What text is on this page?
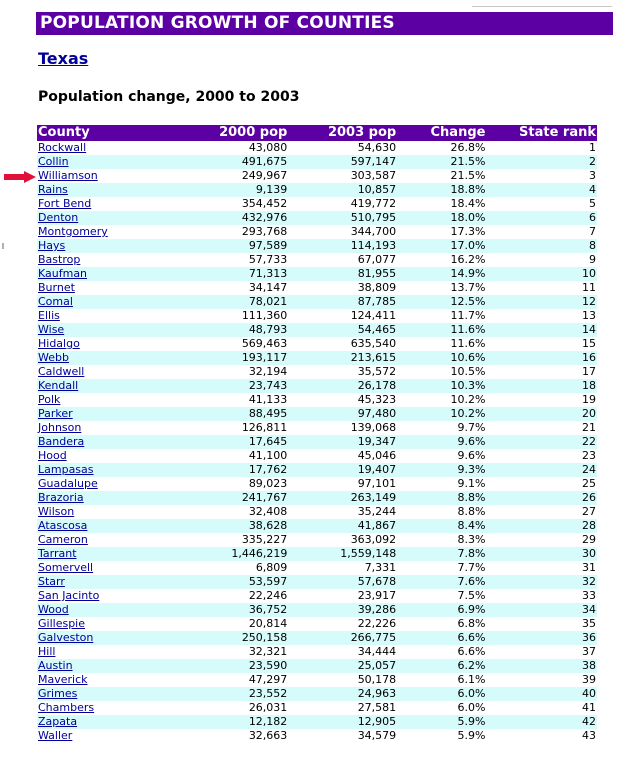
POPULATION GROWTH OF COUNTIES
Texas
Population change, 2000 to 2003
County	2000 pop	2003 pop	Change	State rank
Rockwall	43,080	54,630	26.8%	1
Collin	491,675	597,147	21.5%	2
Williamson	249,967	303,587	21.5%	3
Rains	9,139	10,857	18.8%	4
Fort Bend	354,452	419,772	18.4%	5
Denton	432,976	510,795	18.0%	6
Montgomery	293,768	344,700	17.3%	7
Hays	97,589	114,193	17.0%	8
Bastrop	57,733	67,077	16.2%	9
Kaufman	71,313	81,955	14.9%	10
Burnet	34,147	38,809	13.7%	11
Comal	78,021	87,785	12.5%	12
Ellis	111,360	124,411	11.7%	13
Wise	48,793	54,465	11.6%	14
Hidalgo	569,463	635,540	11.6%	15
Webb	193,117	213,615	10.6%	16
Caldwell	32,194	35,572	10.5%	17
Kendall	23,743	26,178	10.3%	18
Polk	41,133	45,323	10.2%	19
Parker	88,495	97,480	10.2%	20
Johnson	126,811	139,068	9.7%	21
Bandera	17,645	19,347	9.6%	22
Hood	41,100	45,046	9.6%	23
Lampasas	17,762	19,407	9.3%	24
Guadalupe	89,023	97,101	9.1%	25
Brazoria	241,767	263,149	8.8%	26
Wilson	32,408	35,244	8.8%	27
Atascosa	38,628	41,867	8.4%	28
Cameron	335,227	363,092	8.3%	29
Tarrant	1,446,219	1,559,148	7.8%	30
Somervell	6,809	7,331	7.7%	31
Starr	53,597	57,678	7.6%	32
San Jacinto	22,246	23,917	7.5%	33
Wood	36,752	39,286	6.9%	34
Gillespie	20,814	22,226	6.8%	35
Galveston	250,158	266,775	6.6%	36
Hill	32,321	34,444	6.6%	37
Austin	23,590	25,057	6.2%	38
Maverick	47,297	50,178	6.1%	39
Grimes	23,552	24,963	6.0%	40
Chambers	26,031	27,581	6.0%	41
Zapata	12,182	12,905	5.9%	42
Waller	32,663	34,579	5.9%	43
